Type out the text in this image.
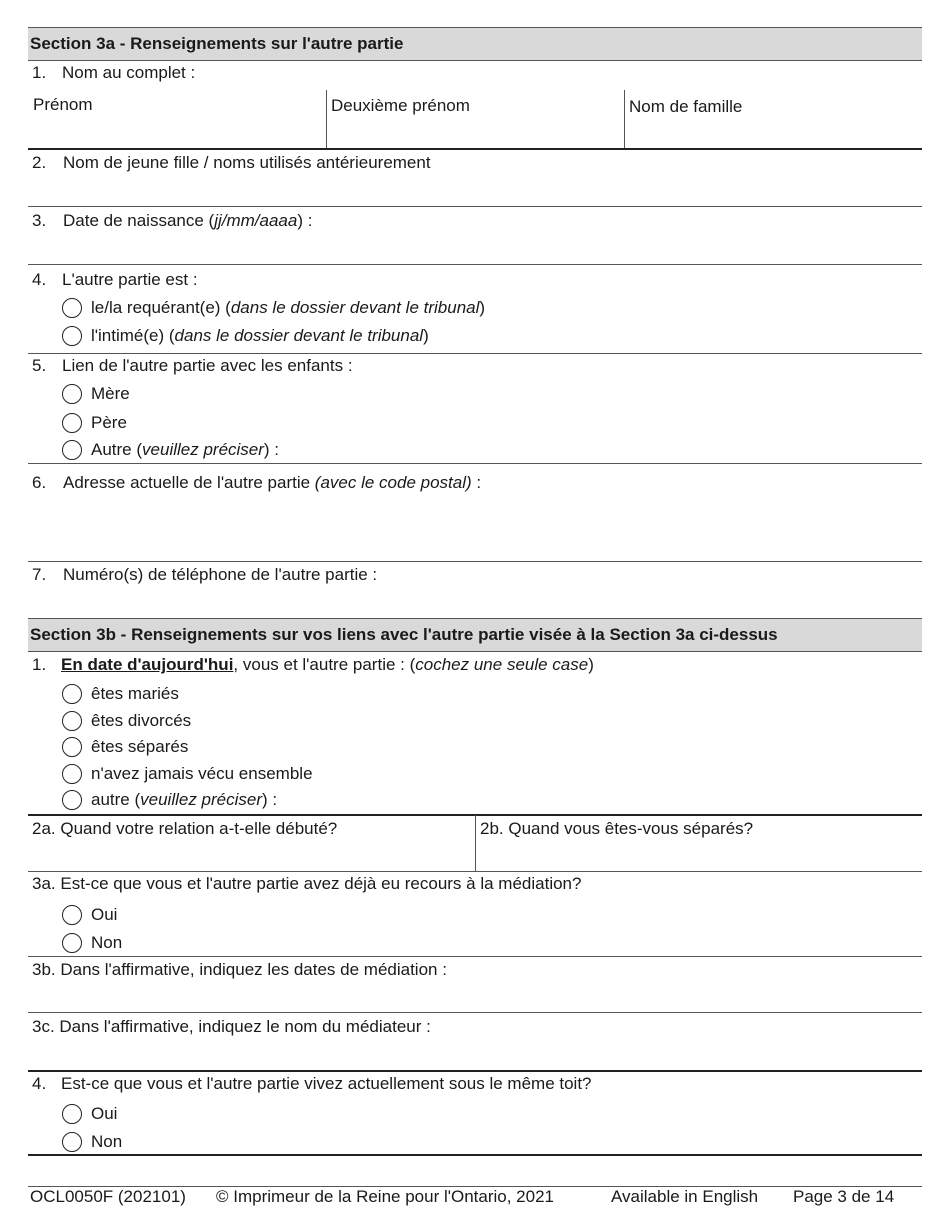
Section 3a - Renseignements sur l'autre partie
1. Nom au complet :
Prénom	Deuxième prénom	Nom de famille
2. Nom de jeune fille / noms utilisés antérieurement
3. Date de naissance (jj/mm/aaaa) :
4. L'autre partie est :
le/la requérant(e) (dans le dossier devant le tribunal)
l'intimé(e) (dans le dossier devant le tribunal)
5. Lien de l'autre partie avec les enfants :
Mère
Père
Autre (veuillez préciser) :
6. Adresse actuelle de l'autre partie (avec le code postal) :
7. Numéro(s) de téléphone de l'autre partie :
Section 3b - Renseignements sur vos liens avec l'autre partie visée à la Section 3a ci-dessus
1. En date d'aujourd'hui, vous et l'autre partie : (cochez une seule case)
êtes mariés
êtes divorcés
êtes séparés
n'avez jamais vécu ensemble
autre (veuillez préciser) :
2a. Quand votre relation a-t-elle débuté?	2b. Quand vous êtes-vous séparés?
3a. Est-ce que vous et l'autre partie avez déjà eu recours à la médiation?
Oui
Non
3b. Dans l'affirmative, indiquez les dates de médiation :
3c. Dans l'affirmative, indiquez le nom du médiateur :
4. Est-ce que vous et l'autre partie vivez actuellement sous le même toit?
Oui
Non
OCL0050F (202101) © Imprimeur de la Reine pour l'Ontario, 2021	Available in English Page 3 de 14
